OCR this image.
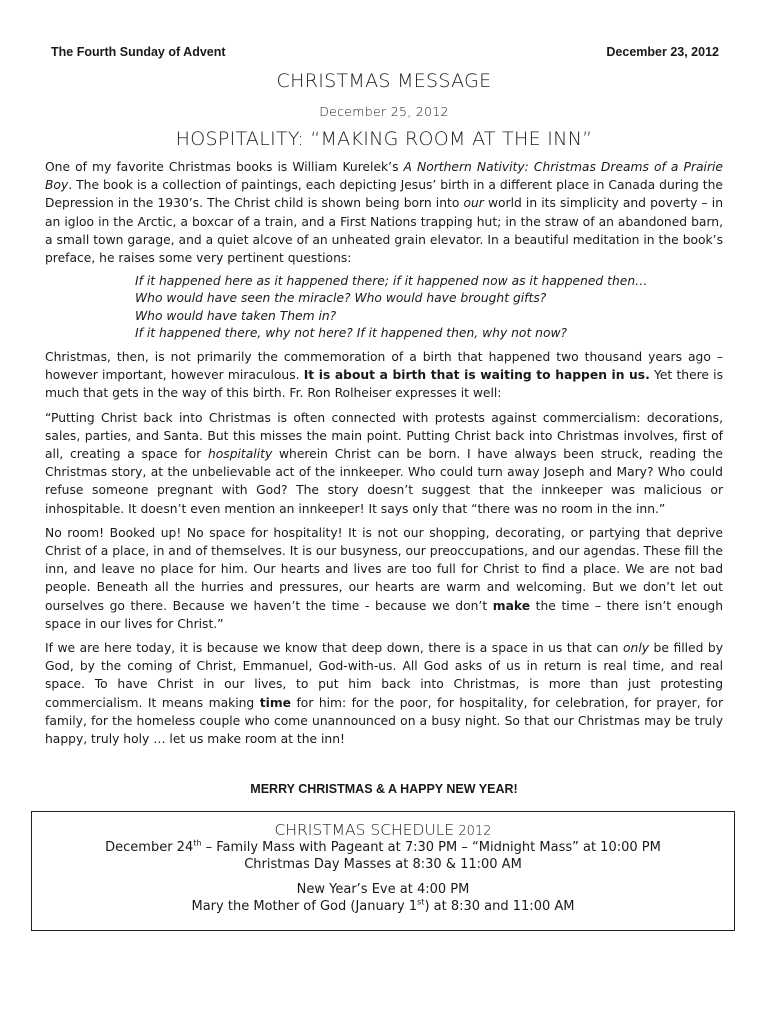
The Fourth Sunday of Advent	December 23, 2012
CHRISTMAS MESSAGE
December 25, 2012
HOSPITALITY: “MAKING ROOM AT THE INN”

One of my favorite Christmas books is William Kurelek’s A Northern Nativity: Christmas Dreams of a Prairie Boy. The book is a collection of paintings, each depicting Jesus’ birth in a different place in Canada during the Depression in the 1930’s. The Christ child is shown being born into our world in its simplicity and poverty – in an igloo in the Arctic, a boxcar of a train, and a First Nations trapping hut; in the straw of an abandoned barn, a small town garage, and a quiet alcove of an unheated grain elevator. In a beautiful meditation in the book’s preface, he raises some very pertinent questions:

If it happened here as it happened there; if it happened now as it happened then…
Who would have seen the miracle? Who would have brought gifts?
Who would have taken Them in?
If it happened there, why not here? If it happened then, why not now?

Christmas, then, is not primarily the commemoration of a birth that happened two thousand years ago – however important, however miraculous. It is about a birth that is waiting to happen in us. Yet there is much that gets in the way of this birth. Fr. Ron Rolheiser expresses it well:

“Putting Christ back into Christmas is often connected with protests against commercialism: decorations, sales, parties, and Santa. But this misses the main point. Putting Christ back into Christmas involves, first of all, creating a space for hospitality wherein Christ can be born. I have always been struck, reading the Christmas story, at the unbelievable act of the innkeeper. Who could turn away Joseph and Mary? Who could refuse someone pregnant with God? The story doesn’t suggest that the innkeeper was malicious or inhospitable. It doesn’t even mention an innkeeper! It says only that “there was no room in the inn.”

No room! Booked up! No space for hospitality! It is not our shopping, decorating, or partying that deprive Christ of a place, in and of themselves. It is our busyness, our preoccupations, and our agendas. These fill the inn, and leave no place for him. Our hearts and lives are too full for Christ to find a place. We are not bad people. Beneath all the hurries and pressures, our hearts are warm and welcoming. But we don’t let out ourselves go there. Because we haven’t the time - because we don’t make the time – there isn’t enough space in our lives for Christ.”

If we are here today, it is because we know that deep down, there is a space in us that can only be filled by God, by the coming of Christ, Emmanuel, God-with-us. All God asks of us in return is real time, and real space. To have Christ in our lives, to put him back into Christmas, is more than just protesting commercialism. It means making time for him: for the poor, for hospitality, for celebration, for prayer, for family, for the homeless couple who come unannounced on a busy night. So that our Christmas may be truly happy, truly holy … let us make room at the inn!

MERRY CHRISTMAS & A HAPPY NEW YEAR!
CHRISTMAS SCHEDULE 2012
December 24th – Family Mass with Pageant at 7:30 PM – “Midnight Mass” at 10:00 PM
Christmas Day Masses at 8:30 & 11:00 AM
New Year’s Eve at 4:00 PM
Mary the Mother of God (January 1st) at 8:30 and 11:00 AM
